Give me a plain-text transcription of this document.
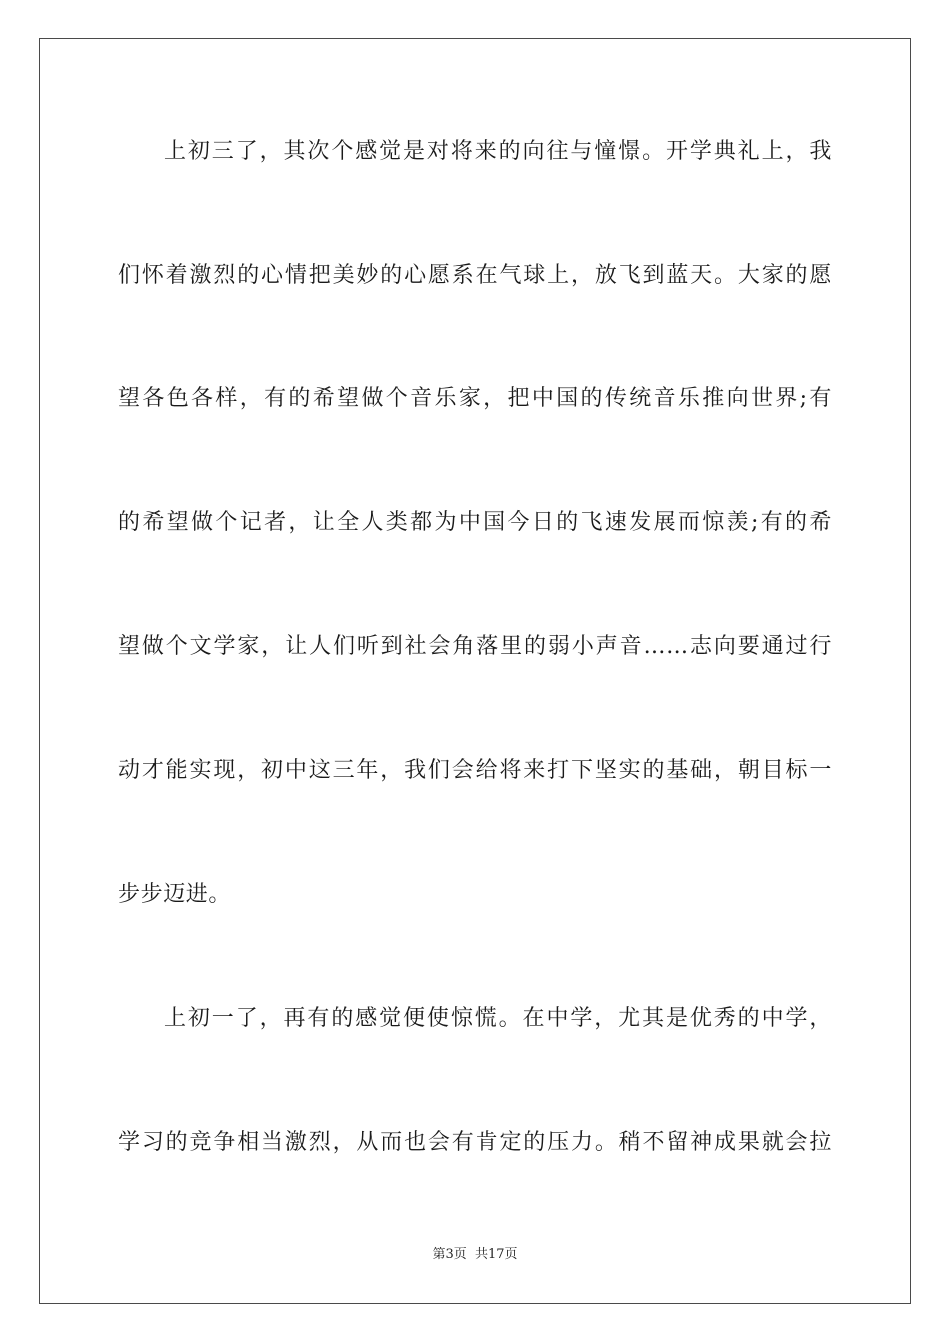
上初三了，其次个感觉是对将来的向往与憧憬。开学典礼上，我
们怀着激烈的心情把美妙的心愿系在气球上，放飞到蓝天。大家的愿
望各色各样，有的希望做个音乐家，把中国的传统音乐推向世界;有
的希望做个记者，让全人类都为中国今日的飞速发展而惊羡;有的希
望做个文学家，让人们听到社会角落里的弱小声音……志向要通过行
动才能实现，初中这三年，我们会给将来打下坚实的基础，朝目标一
步步迈进。
上初一了，再有的感觉便使惊慌。在中学，尤其是优秀的中学，
学习的竞争相当激烈，从而也会有肯定的压力。稍不留神成果就会拉
第3页 共17页
